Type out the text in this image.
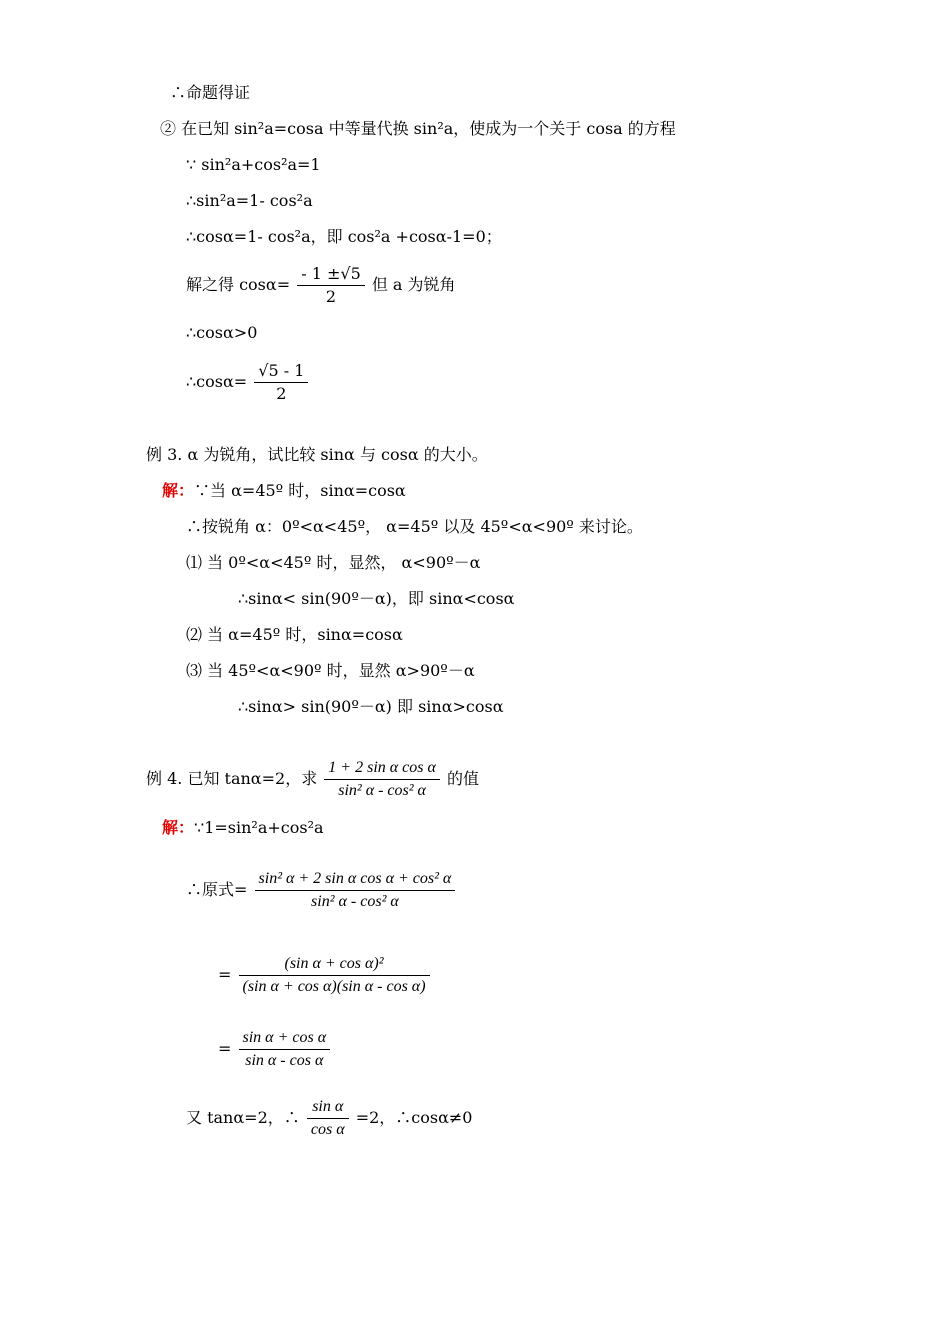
∴命题得证
② 在已知 sin²a=cosa 中等量代换 sin²a，使成为一个关于 cosa 的方程
∵ sin²a+cos²a=1
∴sin²a=1- cos²a
∴cosα=1- cos²a，即 cos²a +cosα-1=0；
解之得 $\cos\alpha= \frac{- 1 \pm√5}{2}$ 但 a 为锐角
∴cosα>0
∴cosα= $\frac{√5 - 1}{2}$
例 3. α 为锐角，试比较 sinα 与 cosα 的大小。
解：∵当 α=45º 时，sinα=cosα
∴按锐角 α：0º<α<45º， α=45º 以及 45º<α<90º 来讨论。
⑴ 当 0º<α<45º 时，显然， α<90º－α
∴sinα< sin(90º－α)，即 sinα<cosα
⑵ 当 α=45º 时，sinα=cosα
⑶ 当 45º<α<90º 时，显然 α>90º－α
∴sinα> sin(90º－α) 即 sinα>cosα
例 4. 已知 tanα=2，求 $\frac{\text{1 + 2 sin α cos α}}{\text{sin² α - cos² α}}$ 的值
解：∵1=sin²a+cos²a
∴原式= $\frac{\text{sin² α + 2 sin α cos α + cos² α}}{\text{sin² α - cos² α}}$
= $\frac{\text{(sin α + cos α)²}}{\text{(sin α + cos α)(sin α - cos α)}}$
= $\frac{\text{sin α + cos α}}{\text{sin α - cos α}}$
又 tanα=2，∴ $\frac{\text{sin α}}{\text{cos α}} =2$，∴cosα≠0
